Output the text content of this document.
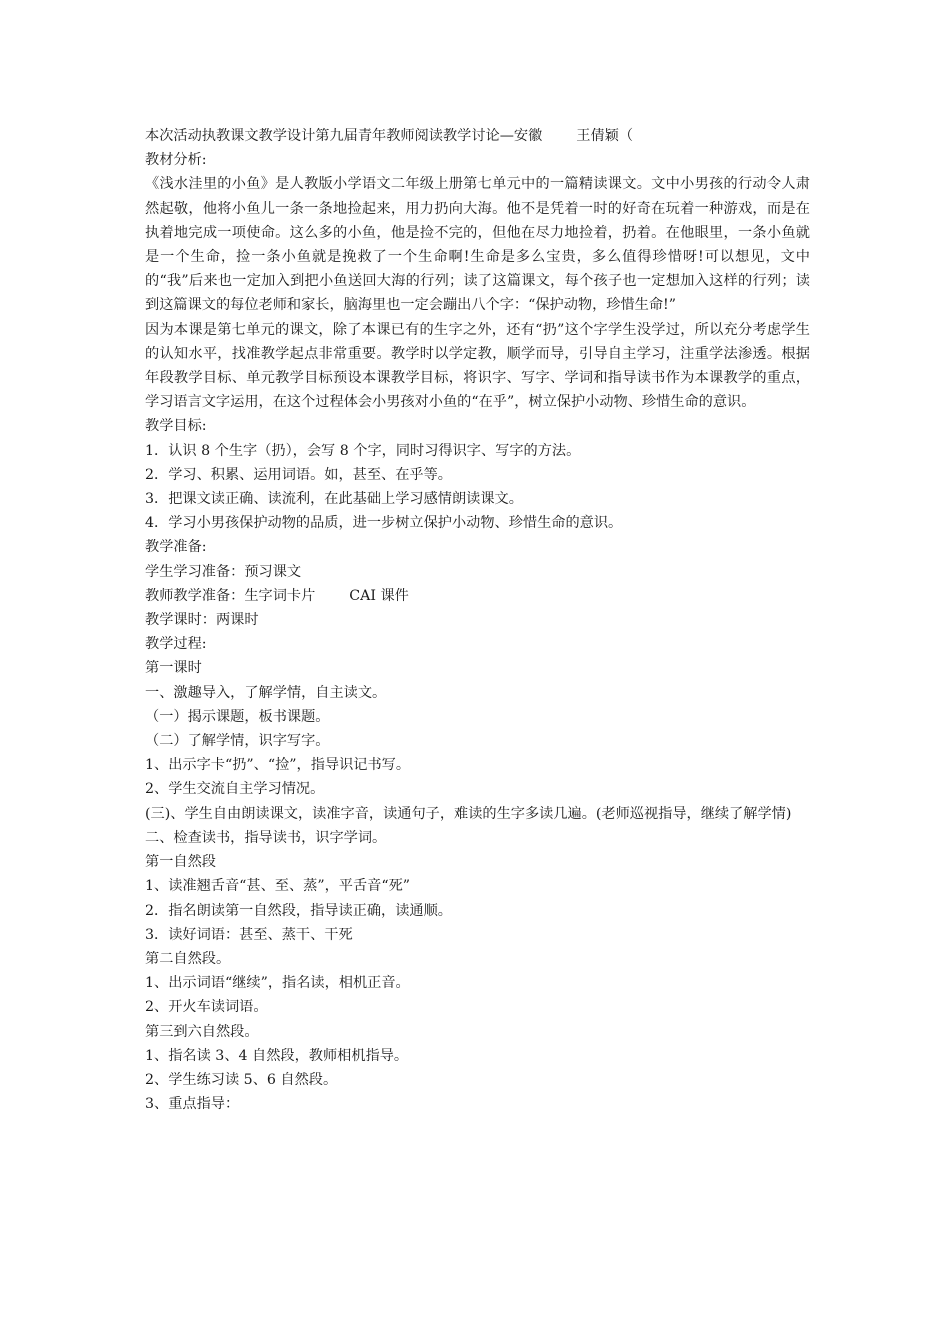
本次活动执教课文教学设计第九届青年教师阅读教学讨论—安徽 王倩颖（

教材分析:

《浅水洼里的小鱼》是人教版小学语文二年级上册第七单元中的一篇精读课文。文中小男孩的行动令人肃然起敬，他将小鱼儿一条一条地捡起来，用力扔向大海。他不是凭着一时的好奇在玩着一种游戏，而是在执着地完成一项使命。这么多的小鱼，他是捡不完的，但他在尽力地捡着，扔着。在他眼里，一条小鱼就是一个生命，捡一条小鱼就是挽救了一个生命啊!生命是多么宝贵，多么值得珍惜呀!可以想见，文中的“我”后来也一定加入到把小鱼送回大海的行列；读了这篇课文，每个孩子也一定想加入这样的行列；读到这篇课文的每位老师和家长，脑海里也一定会蹦出八个字：“保护动物，珍惜生命!”

因为本课是第七单元的课文，除了本课已有的生字之外，还有“扔”这个字学生没学过，所以充分考虑学生的认知水平，找准教学起点非常重要。教学时以学定教，顺学而导，引导自主学习，注重学法渗透。根据年段教学目标、单元教学目标预设本课教学目标，将识字、写字、学词和指导读书作为本课教学的重点，学习语言文字运用，在这个过程体会小男孩对小鱼的“在乎”，树立保护小动物、珍惜生命的意识。

教学目标:

1．认识 8 个生字（扔），会写 8 个字，同时习得识字、写字的方法。

2．学习、积累、运用词语。如，甚至、在乎等。

3．把课文读正确、读流利，在此基础上学习感情朗读课文。

4．学习小男孩保护动物的品质，进一步树立保护小动物、珍惜生命的意识。

教学准备:

学生学习准备：预习课文

教师教学准备：生字词卡片 CAI 课件

教学课时：两课时

教学过程:

第一课时

一、激趣导入，了解学情，自主读文。

（一）揭示课题，板书课题。

（二）了解学情，识字写字。

1、出示字卡“扔”、“捡”，指导识记书写。

2、学生交流自主学习情况。

(三)、学生自由朗读课文，读准字音，读通句子，难读的生字多读几遍。(老师巡视指导，继续了解学情)

二、检查读书，指导读书，识字学词。

第一自然段

1、读准翘舌音“甚、至、蒸”，平舌音“死”

2．指名朗读第一自然段，指导读正确，读通顺。

3．读好词语：甚至、蒸干、干死

第二自然段。

1、出示词语“继续”，指名读，相机正音。

2、开火车读词语。

第三到六自然段。

1、指名读 3、4 自然段，教师相机指导。

2、学生练习读 5、6 自然段。

3、重点指导：
